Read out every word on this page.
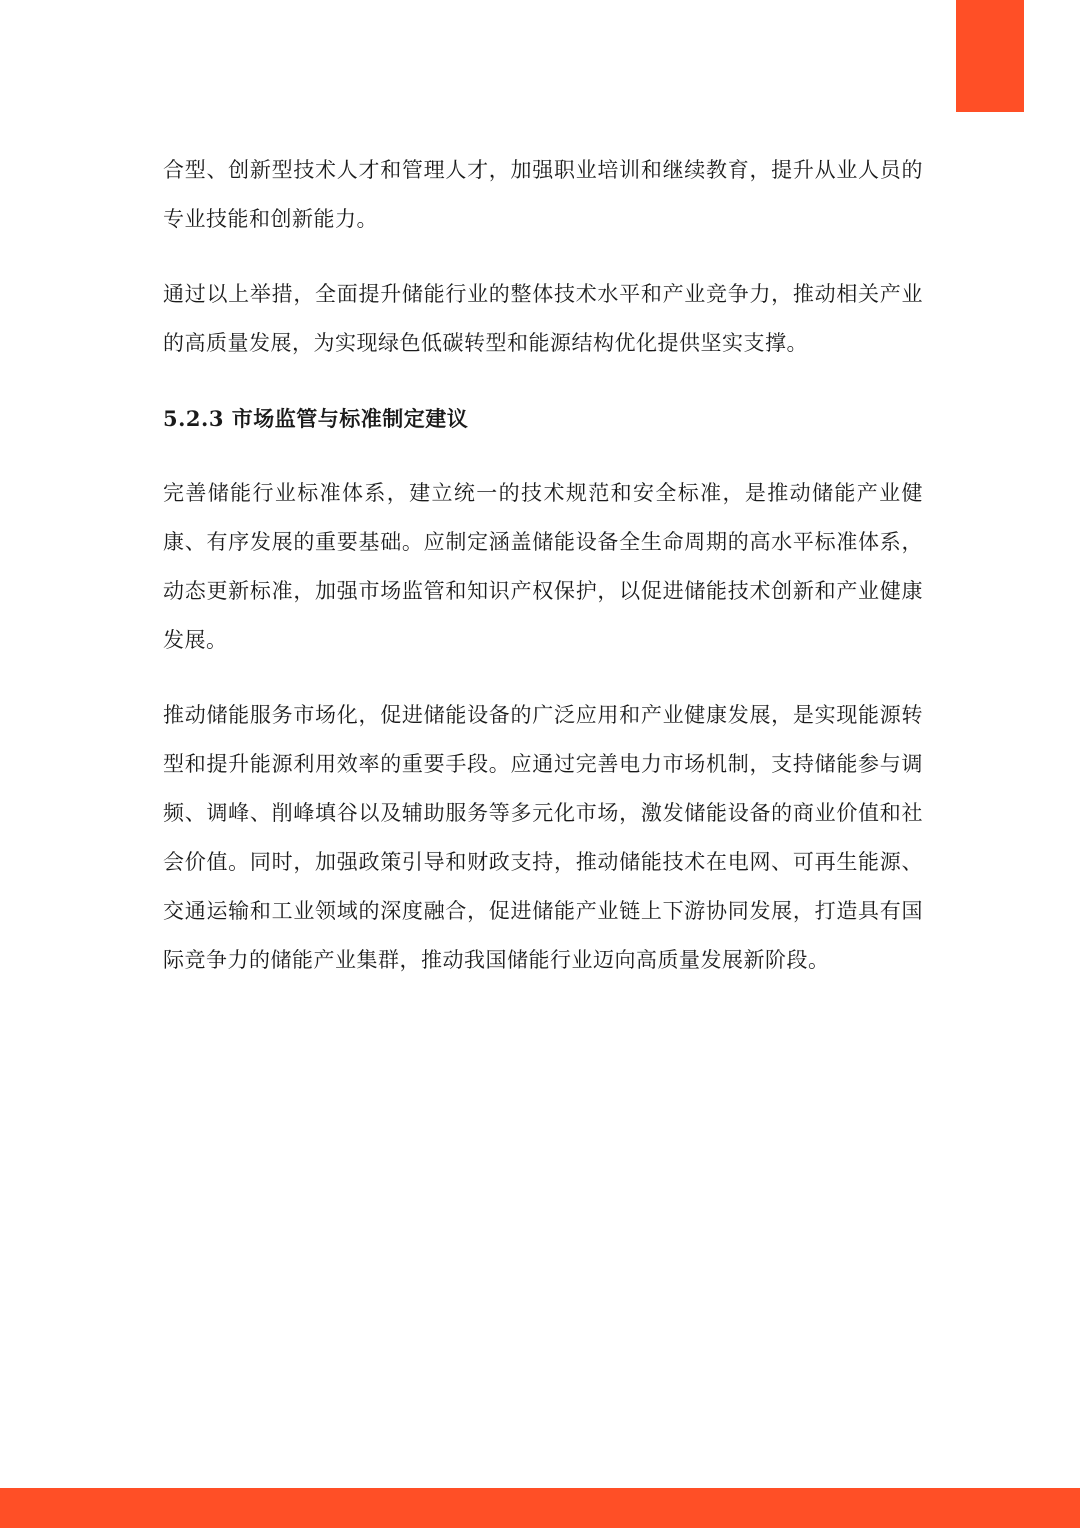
合型、创新型技术人才和管理人才，加强职业培训和继续教育，提升从业人员的专业技能和创新能力。

通过以上举措，全面提升储能行业的整体技术水平和产业竞争力，推动相关产业的高质量发展，为实现绿色低碳转型和能源结构优化提供坚实支撑。

5.2.3 市场监管与标准制定建议

完善储能行业标准体系，建立统一的技术规范和安全标准，是推动储能产业健康、有序发展的重要基础。应制定涵盖储能设备全生命周期的高水平标准体系，动态更新标准，加强市场监管和知识产权保护，以促进储能技术创新和产业健康发展。

推动储能服务市场化，促进储能设备的广泛应用和产业健康发展，是实现能源转型和提升能源利用效率的重要手段。应通过完善电力市场机制，支持储能参与调频、调峰、削峰填谷以及辅助服务等多元化市场，激发储能设备的商业价值和社会价值。同时，加强政策引导和财政支持，推动储能技术在电网、可再生能源、交通运输和工业领域的深度融合，促进储能产业链上下游协同发展，打造具有国际竞争力的储能产业集群，推动我国储能行业迈向高质量发展新阶段。
